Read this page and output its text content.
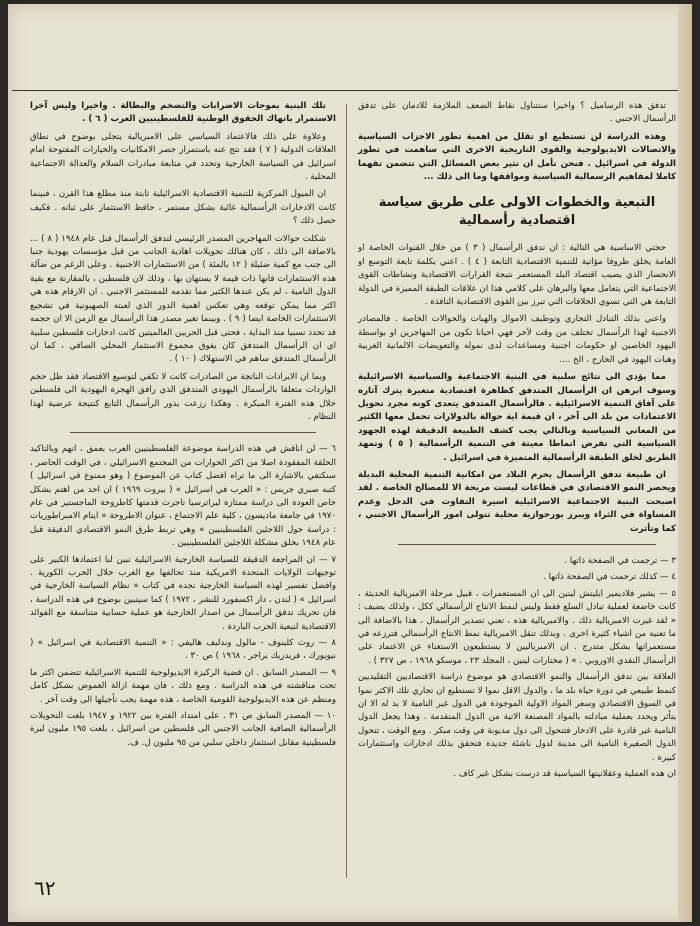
تدفق هذه الرساميل ؟ واخيرا سنتناول نقاط الضعف الملازمة للادمان على تدفق الرأسمال الاجنبي .

وهذه الدراسة لن تستطيع او تقلل من اهمية تطور الاحزاب السياسية والاتصالات الايديولوجية والقوى التاريخية الاخرى التي ساهمت في تطور الدولة في اسرائيل . فنحن نأمل ان نثير بعض المسائل التي تتضمن تفهما كاملا لمفاهيم الرسمالية السياسية ومواقفها وما الى ذلك ...

التبعية والخطوات الاولى على طريق سياسة اقتصادية رأسمالية

حجتي الاساسية هي التالية : ان تدفق الرأسمال ( ٣ ) من خلال القنوات الخاصة او العامة يخلق ظروفا مؤاتية للتنمية الاقتصادية التابعة ( ٤ ) . اعني بكلمة تابعة التوسع او الانحسار الذي يصيب اقتصاد البلد المستعمر نتيجة القرارات الاقتصادية ونشاطات القوى الاجتماعية التي يتعامل معها والبرهان على كلامي هذا ان علاقات الطبقة المميزة في الدولة التابعة هي التي تسوي الخلافات التي تبرز بين القوى الاقتصادية النافذة .

واعني بذلك التبادل التجاري وتوظيف الاموال والهبات والحوالات الخاصة . فالمصادر الاجنبية لهذا الرأسمال تختلف من وقت لآخر فهي احيانا تكون من المهاجرين او بواسطة اليهود الخاصين او حكومات اجنبية ومساعدات لدى نموله والتعويضات الالمانية الغربية وهبات اليهود في الخارج ، الخ ....

مما يؤدي الى نتائج سلبية في البنية الاجتماعية والسياسية الاسرائيلية وسوف ابرهن ان الرأسمال المتدفق كظاهرة اقتصادية متغيرة يترك آثاره على آفاق التنمية الاسرائيلية . فالرأسمال المتدفق يتعدى كونه مجرد تحويل الاعتمادات من بلد الى آخر ، ان قيمة اية حوالة بالدولارات تحمل معها الكثير من المعاني السياسية وبالتالي يجب كشف الطبيعة الدقيقة لهذه الجهود السياسية التي تفرض انماطا معينة في التنمية الرأسمالية ( ٥ ) وتمهد الطريق لخلق الطبقة الرأسمالية المتميزة في اسرائيل .

ان طبيعة تدفق الرأسمال يحرم البلاد من امكانية التنمية المحلية البديلة ويحصر النمو الاقتصادي في قطاعات ليست مربحة الا للمصالح الخاصة . لقد اصبحت البنية الاجتماعية الاسرائيلية اسيرة التفاوت في الدخل وعدم المساواة في الثراء ويبرز بورجوازية محلية تتولى امور الرأسمال الاجنبي ، كما وتأثرت

٣ — ترجمت في الصفحة ذاتها .

٤ — كذلك ترجمت في الصفحة ذاتها .

٥ — يشير فلاديمير ايليتش لينين الى ان المستعمرات ، قبيل مرحلة الامبريالية الحديثة ، كانت خاضعة لعملية تبادل السلع فقط وليس لنمط الانتاج الرأسمالي ككل ، ولذلك يضيف : « لقد غيرت الامبريالية ذلك . والامبريالية هذه ، تعني تصدير الرأسمال ، هذا بالاضافة الى ما تعنيه من اشياء كثيرة اخرى . وبذلك تنقل الامبريالية نمط الانتاج الرأسمالي فترزعه في مستعمراتها بشكل متدرج . ان الامبرياليين لا يستطيعون الاستغناء عن الاعتماد على الرأسمال النقدي الاوروبي . » ( مختارات لينين ، المجلد ٢٣ ، موسكو ١٩٦٨ ، ص ٣٢٧ ) .

العلاقة بين تدفق الرأسمال والنمو الاقتصادي هو موضوع دراسة الاقتصاديين التقليديين كنمط طبيعي في دورة حياة بلد ما ، والدول الاقل نموا لا تستطيع ان تجاري تلك الاكثر نموا في السوق الاقتصادي وسعر المواد الاولية الموجودة في الدول غير النامية لا بد له الا ان يتأثر ويحدد بعملية مبادلته بالمواد المصنعة الاتية من الدول المتقدمة . وهذا يجعل الدول النامية غير قادرة على الادخار فتتحول الى دول مديونة في وقت مبكر . ومع الوقت ، تتحول الدول الصغيرة النامية الى مدينة لدول ناشئة جديدة فتحقق بذلك ادخارات واستثمارات كبيرة .

ان هذه العملية وعقلانيتها السياسية قد درست بشكل غير كاف .

تلك البنية بموجات الاضرابات والتضخم والبطالة . واخيرا وليس آخرا الاستمرار باتهاك الحقوق الوطنية للفلسطينيين العرب ( ٦ ) .

وعلاوة على ذلك فالاعتماد السياسي على الامبريالية يتجلى بوضوح في نطاق العلاقات الدولية ( ٧ ) فقد نتج عنه باستمرار حصر الامكانيات والخيارات المفتوحة امام اسرائيل في السياسة الخارجية وتحدد في متابعة مبادرات السلام والعدالة الاجتماعية المحلية .

ان الميول المركزية للتنمية الاقتصادية الاسرائيلية ثابتة منذ مطلع هذا القرن ، فبينما كانت الادخارات الرأسمالية غائبة بشكل مستمر ، حافظ الاستثمار على ثباته . فكيف حصل ذلك ؟

شكلت حوالات المهاجرين المصدر الرئيسي لتدفق الرأسمال قبل عام ١٩٤٨ ( ٨ ) ... بالاضافة الى ذلك ، كان هنالك تحويلات اهادية الجانب من قبل مؤسسات يهودية جنبا الى جنب مع كمية ضئيلة ( ١٢ بالمئة ) من الاستثمارات الاجنبية . وعلى الرغم من ضآلة هذه الاستثمارات فانها ذات قيمة لا يستهان بها ، وذلك لان فلسطين ، بالمقارنة مع بقية الدول النامية ، لم يكن عندها الكثير مما تقدمه للمستثمر الاجنبي . ان الارقام هذه هي اكثر مما يمكن توقعه وهي تعكس اهمية الدور الذي لعبته الصهيونية في تشجيع الاستثمارات الخاصة ايضا ( ٩ ) . وبينما تغير مصدر هذا الرأسمال مع الزمن الا ان حجمه قد تحدد نسبيا منذ البداية ، فحتى قبل الحربين العالميتين كانت ادخارات فلسطين سلبية اي ان الرأسمال المتدفق كان يفوق مجموع الاستثمار المحلي الصافي ، كما ان الرأسمال المتدفق ساهم في الاستهلاك ( ١٠ ) .

وبما ان الايرادات الناتجة من الصادرات كانت لا تكفي لتوسيع الاقتصاد فقد ظل حجم الواردات متعلقا بالرأسمال اليهودي المتدفق الذي رافق الهجرة اليهودية الى فلسطين خلال هذه الفترة المبكرة . وهكذا رزعت بذور الرأسمال التابع كنتيجة عرضية لهذا النظام .

٦ — لن اناقش في هذه الدراسة موضوعة الفلسطينيين العرب بعمق ، انهم وبالتاكيد الحلقة المفقودة اصلا من اكثر الحوارات من المجتمع الاسرائيلي ، في الوقت الحاضر ، سنكتفي بالاشارة الى ما تراه افضل كتاب عن الموضوع ( وهو ممنوع في اسرائيل ) كتبه صبري جريس : « العرب في اسرائيل » ( بيروت ١٩٦٩ ) ان احد من اهتم بشكل خاص العودة الى دراسة ممتازة ليراترسيا تاجرت قدمتها كاطروحة الماجستير في عام ١٩٧٠ في جامعة ماديسون ، كلية علم الاجتماع ، عنوان الاطروحة « ايتام الامبراطوريات : دراسة حول اللاجئين الفلسطينيين » وهي تربط طرق النمو الاقتصادي الدقيقة قبل عام ١٩٤٨ بخلق مشكلة اللاجئين الفلسطينيين .

٧ — ان المراجعة الدقيقة للسياسة الخارجية الاسرائيلية تبين لنا اعتمادها الكبير على توجيهات الولايات المتحدة الامريكية منذ تحالفها مع الغرب خلال الحرب الكورية . وافضل تفسير لهذه السياسة الخارجية نجده في كتاب « نظام السياسة الخارجية في اسرائيل » ( لندن ، دار اكسفورد للنشر ، ١٩٧٢ ) كما سيتبين بوضوح في هذه الدراسة ، فان تحريك تدفق الرأسمال من اصدار الخارجية هو عملية حسابية متناسقة مع الفوائد الاقتصادية لتبعية الحرب الباردة .

٨ — روث كلينوف - مالول وندليف هاليفي : « التنمية الاقتصادية في اسرائيل » ( نيويورك ، فريدريك براجر ، ١٩٦٨ ) ص ٣٠ .

٩ — المصدر السابق . ان قضية الركيزة الايديولوجية للتنمية الاسرائيلية تتضمن اكثر ما تحت مناقشته في هذه الدراسة . ومع ذلك ، فان مهمة ازالة الغموض بشكل كامل ومنظم عن هذه الايديولوجية القومية الخاصة ، هذه مهمة يجب تأجيلها الى وقت آخر .

١٠ — المصدر السابق ص ٣١ . على امتداد الفترة بين ١٩٢٢ و ١٩٤٧ بلغت التحويلات الرأسمالية الصافية الجانب الاجنبي الى فلسطين من اسرائيل ، بلغت ١٩٥ مليون ليرة فلسطينية مقابل استثمار داخلي سلبي من ٩٥ مليون ل. ف.

٦٢
